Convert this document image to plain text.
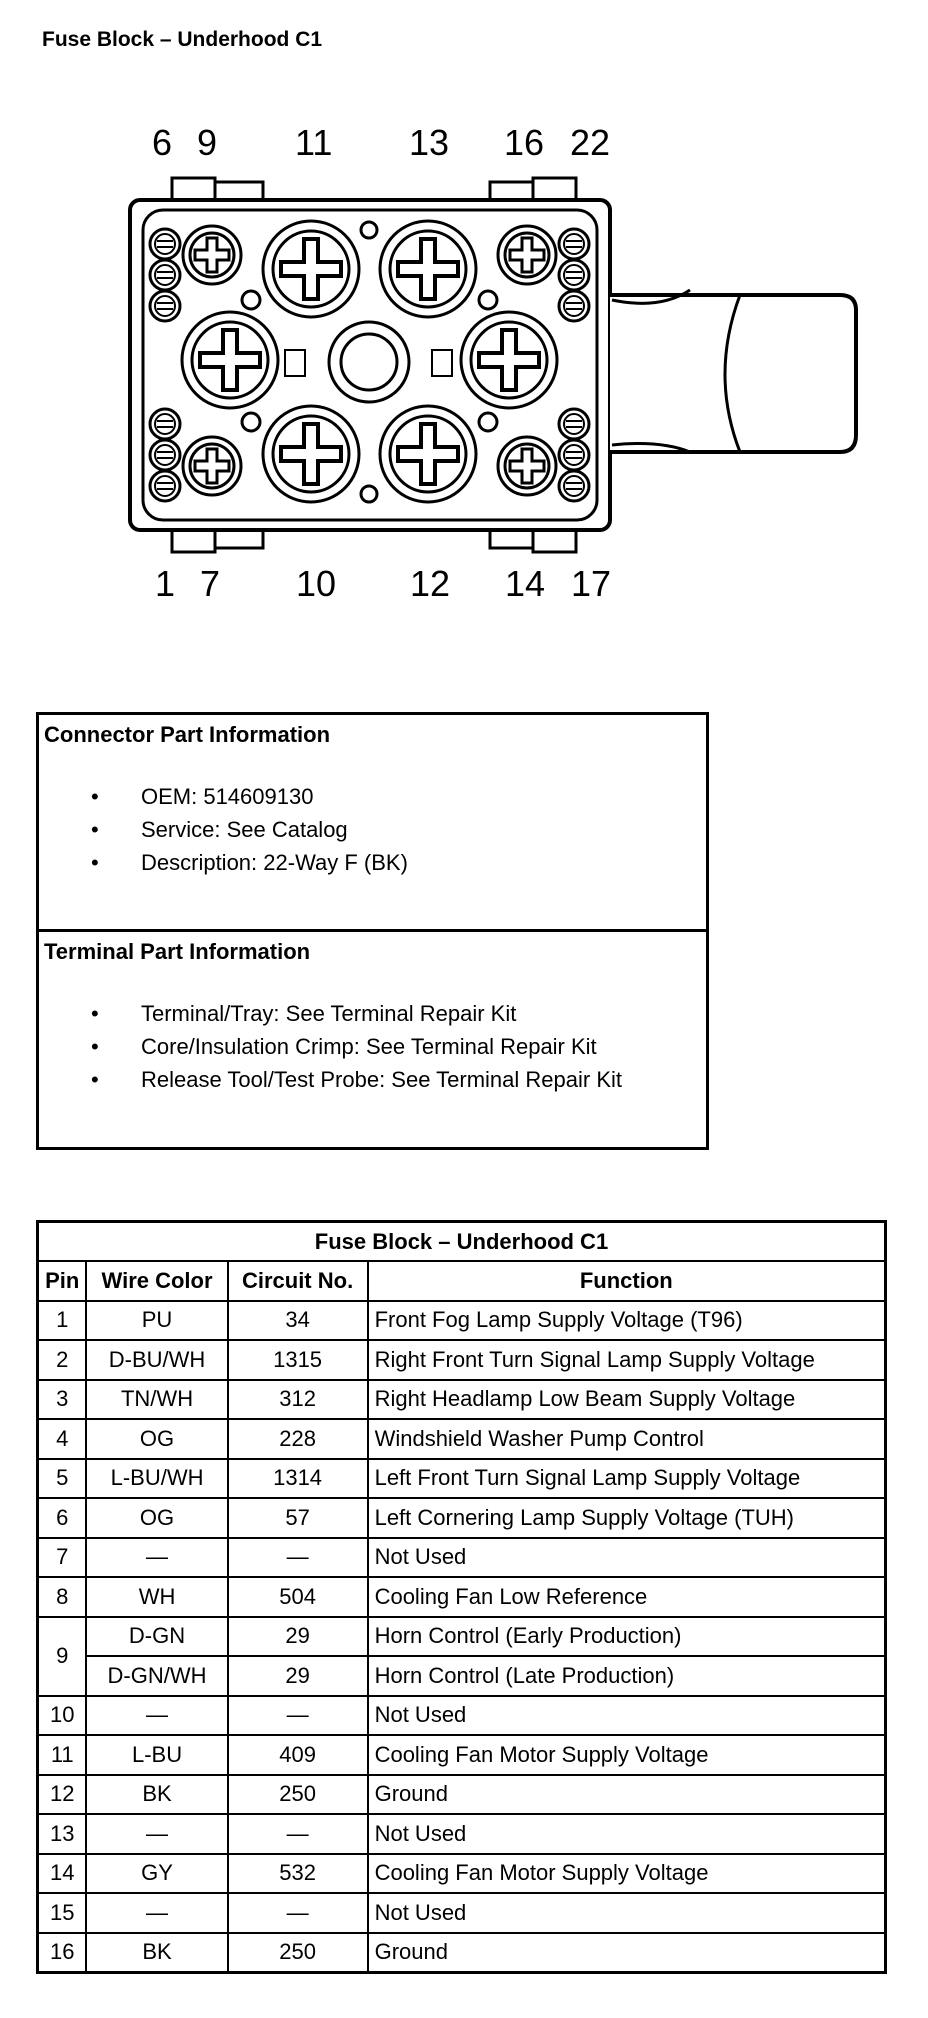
Fuse Block – Underhood C1
6 9 11 13 16 22
1 7 10 12 14 17
Connector Part Information
• OEM: 514609130
• Service: See Catalog
• Description: 22-Way F (BK)
Terminal Part Information
• Terminal/Tray: See Terminal Repair Kit
• Core/Insulation Crimp: See Terminal Repair Kit
• Release Tool/Test Probe: See Terminal Repair Kit
Fuse Block – Underhood C1			
Pin	Wire Color	Circuit No.	Function
1	PU	34	Front Fog Lamp Supply Voltage (T96)
2	D-BU/WH	1315	Right Front Turn Signal Lamp Supply Voltage
3	TN/WH	312	Right Headlamp Low Beam Supply Voltage
4	OG	228	Windshield Washer Pump Control
5	L-BU/WH	1314	Left Front Turn Signal Lamp Supply Voltage
6	OG	57	Left Cornering Lamp Supply Voltage (TUH)
7	—	—	Not Used
8	WH	504	Cooling Fan Low Reference
9	D-GN	29	Horn Control (Early Production)
	D-GN/WH	29	Horn Control (Late Production)
10	—	—	Not Used
11	L-BU	409	Cooling Fan Motor Supply Voltage
12	BK	250	Ground
13	—	—	Not Used
14	GY	532	Cooling Fan Motor Supply Voltage
15	—	—	Not Used
16	BK	250	Ground
